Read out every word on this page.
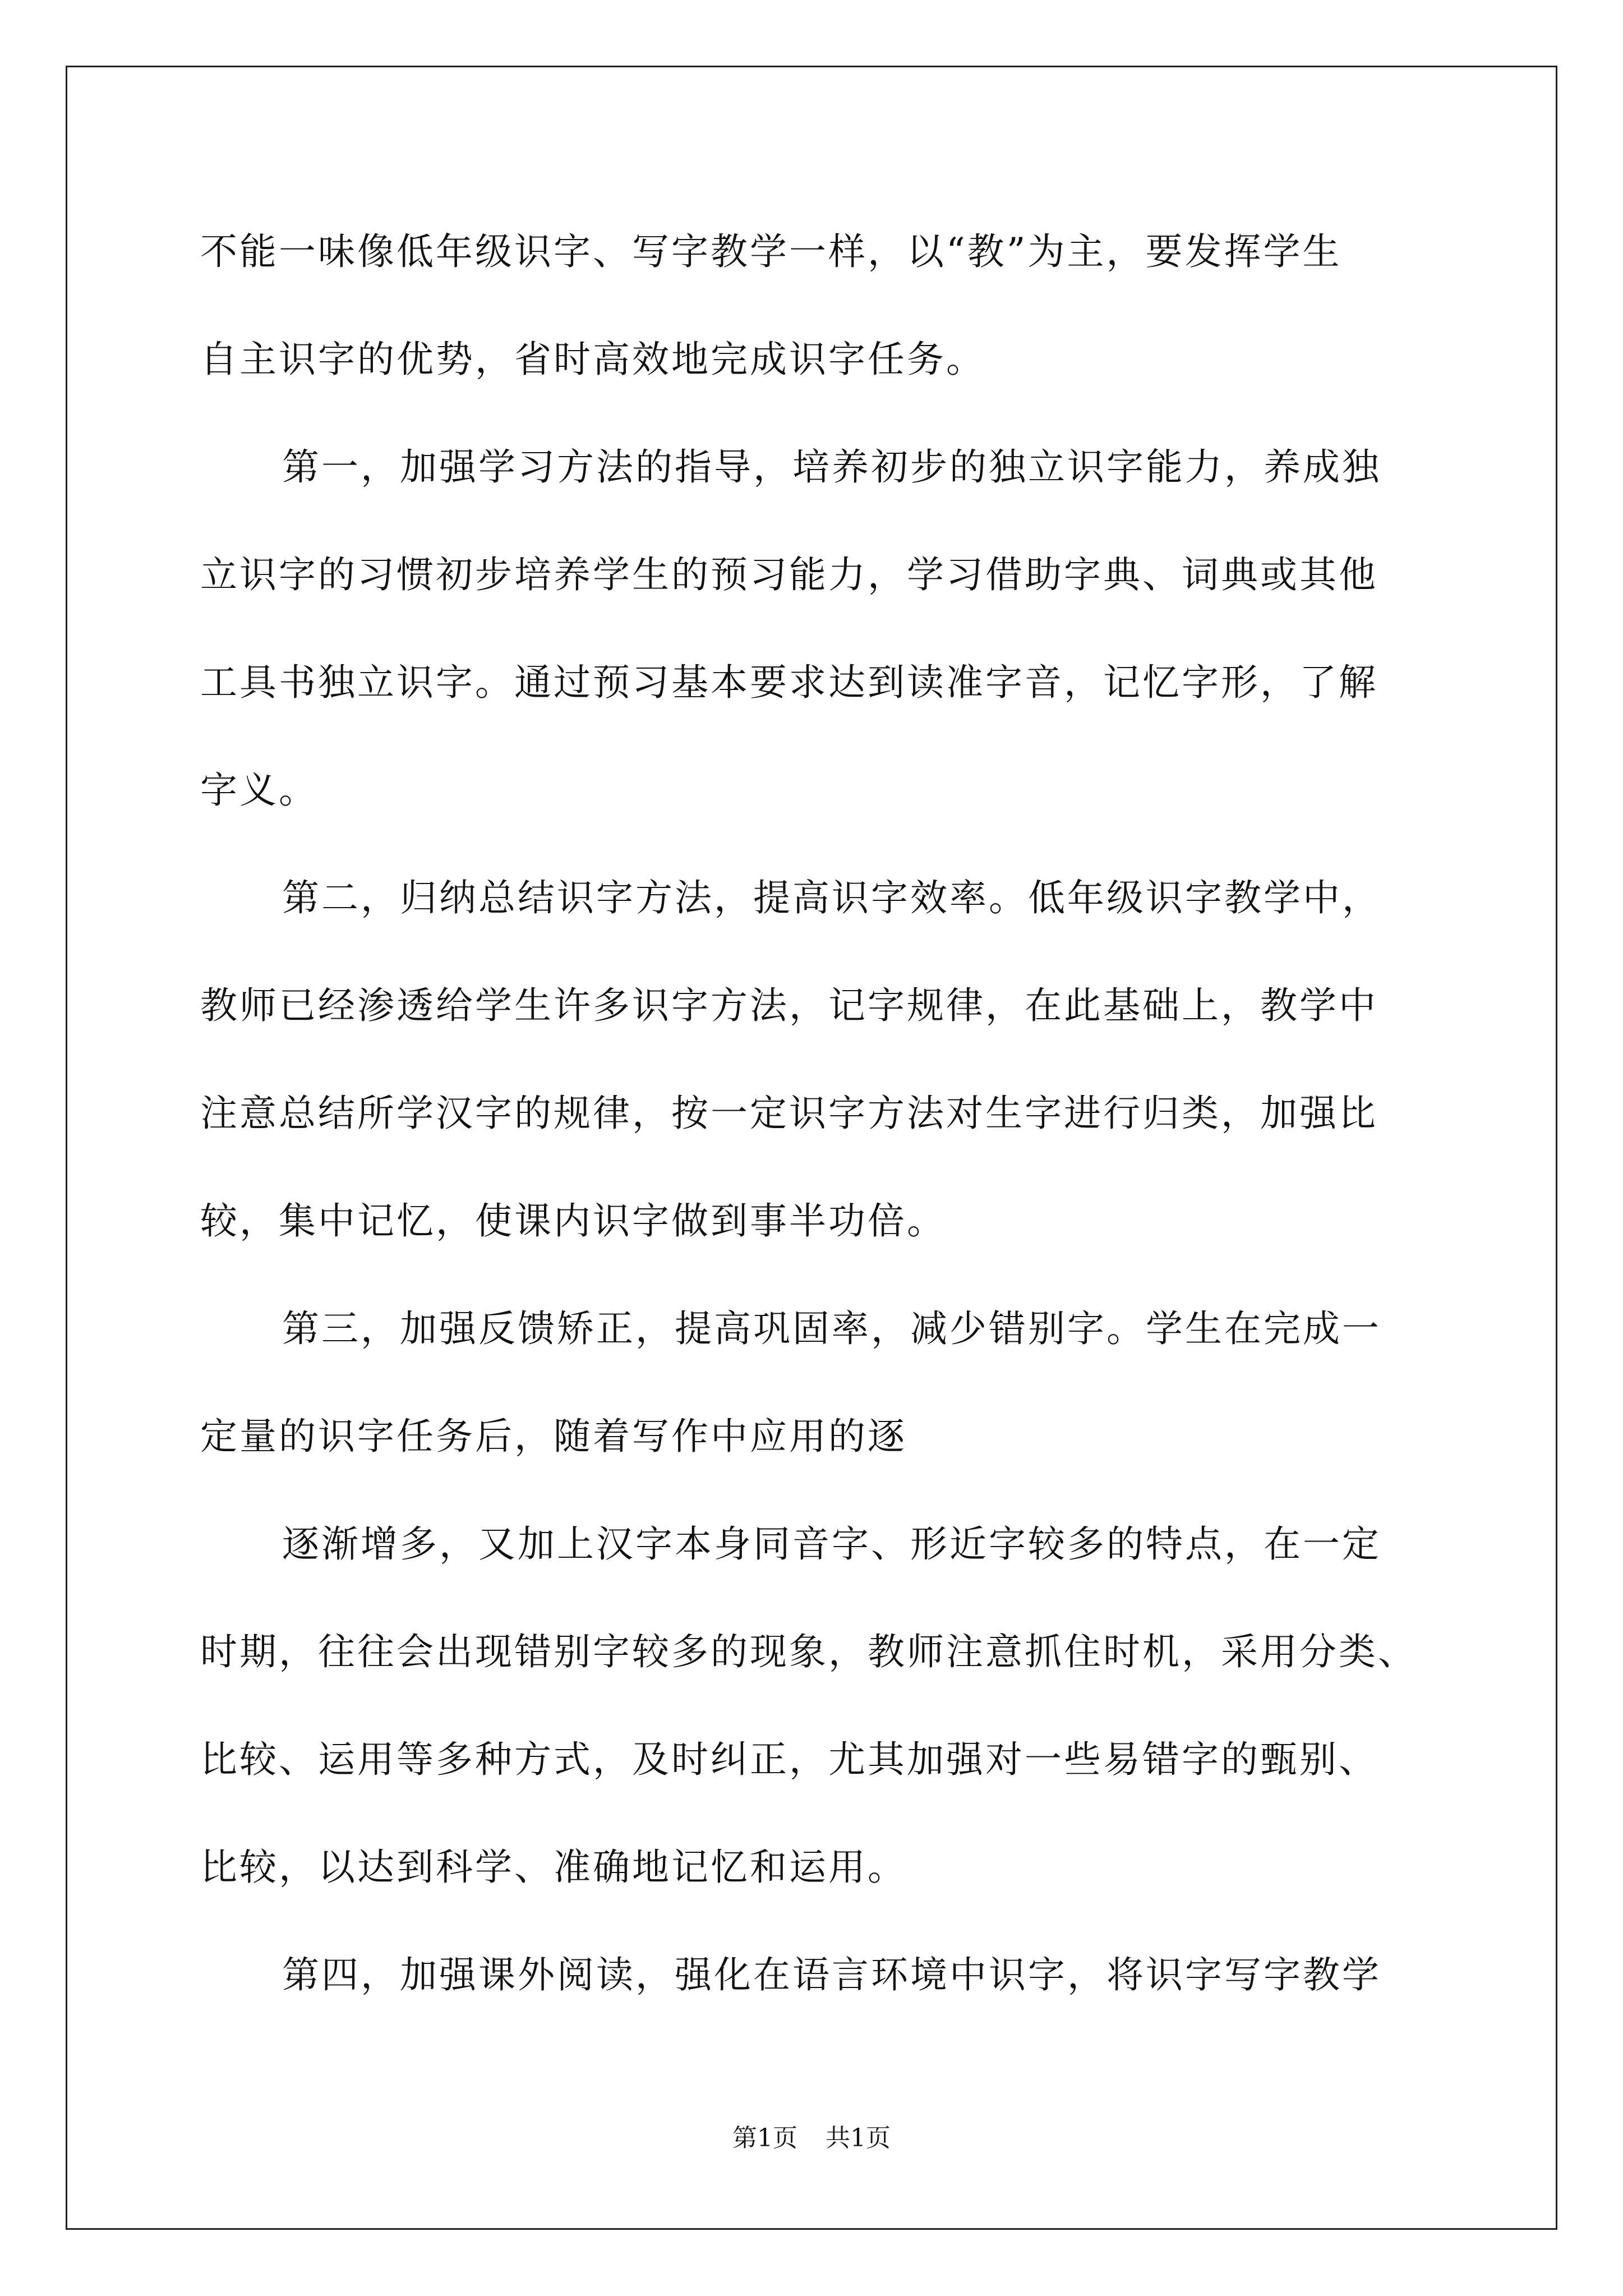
不能一味像低年级识字、写字教学一样，以“教”为主，要发挥学生

自主识字的优势，省时高效地完成识字任务。

第一，加强学习方法的指导，培养初步的独立识字能力，养成独

立识字的习惯初步培养学生的预习能力，学习借助字典、词典或其他

工具书独立识字。通过预习基本要求达到读准字音，记忆字形，了解

字义。

第二，归纳总结识字方法，提高识字效率。低年级识字教学中，

教师已经渗透给学生许多识字方法，记字规律，在此基础上，教学中

注意总结所学汉字的规律，按一定识字方法对生字进行归类，加强比

较，集中记忆，使课内识字做到事半功倍。

第三，加强反馈矫正，提高巩固率，减少错别字。学生在完成一

定量的识字任务后，随着写作中应用的逐

逐渐增多，又加上汉字本身同音字、形近字较多的特点，在一定

时期，往往会出现错别字较多的现象，教师注意抓住时机，采用分类、

比较、运用等多种方式，及时纠正，尤其加强对一些易错字的甄别、

比较，以达到科学、准确地记忆和运用。

第四，加强课外阅读，强化在语言环境中识字，将识字写字教学

第1页 共1页
